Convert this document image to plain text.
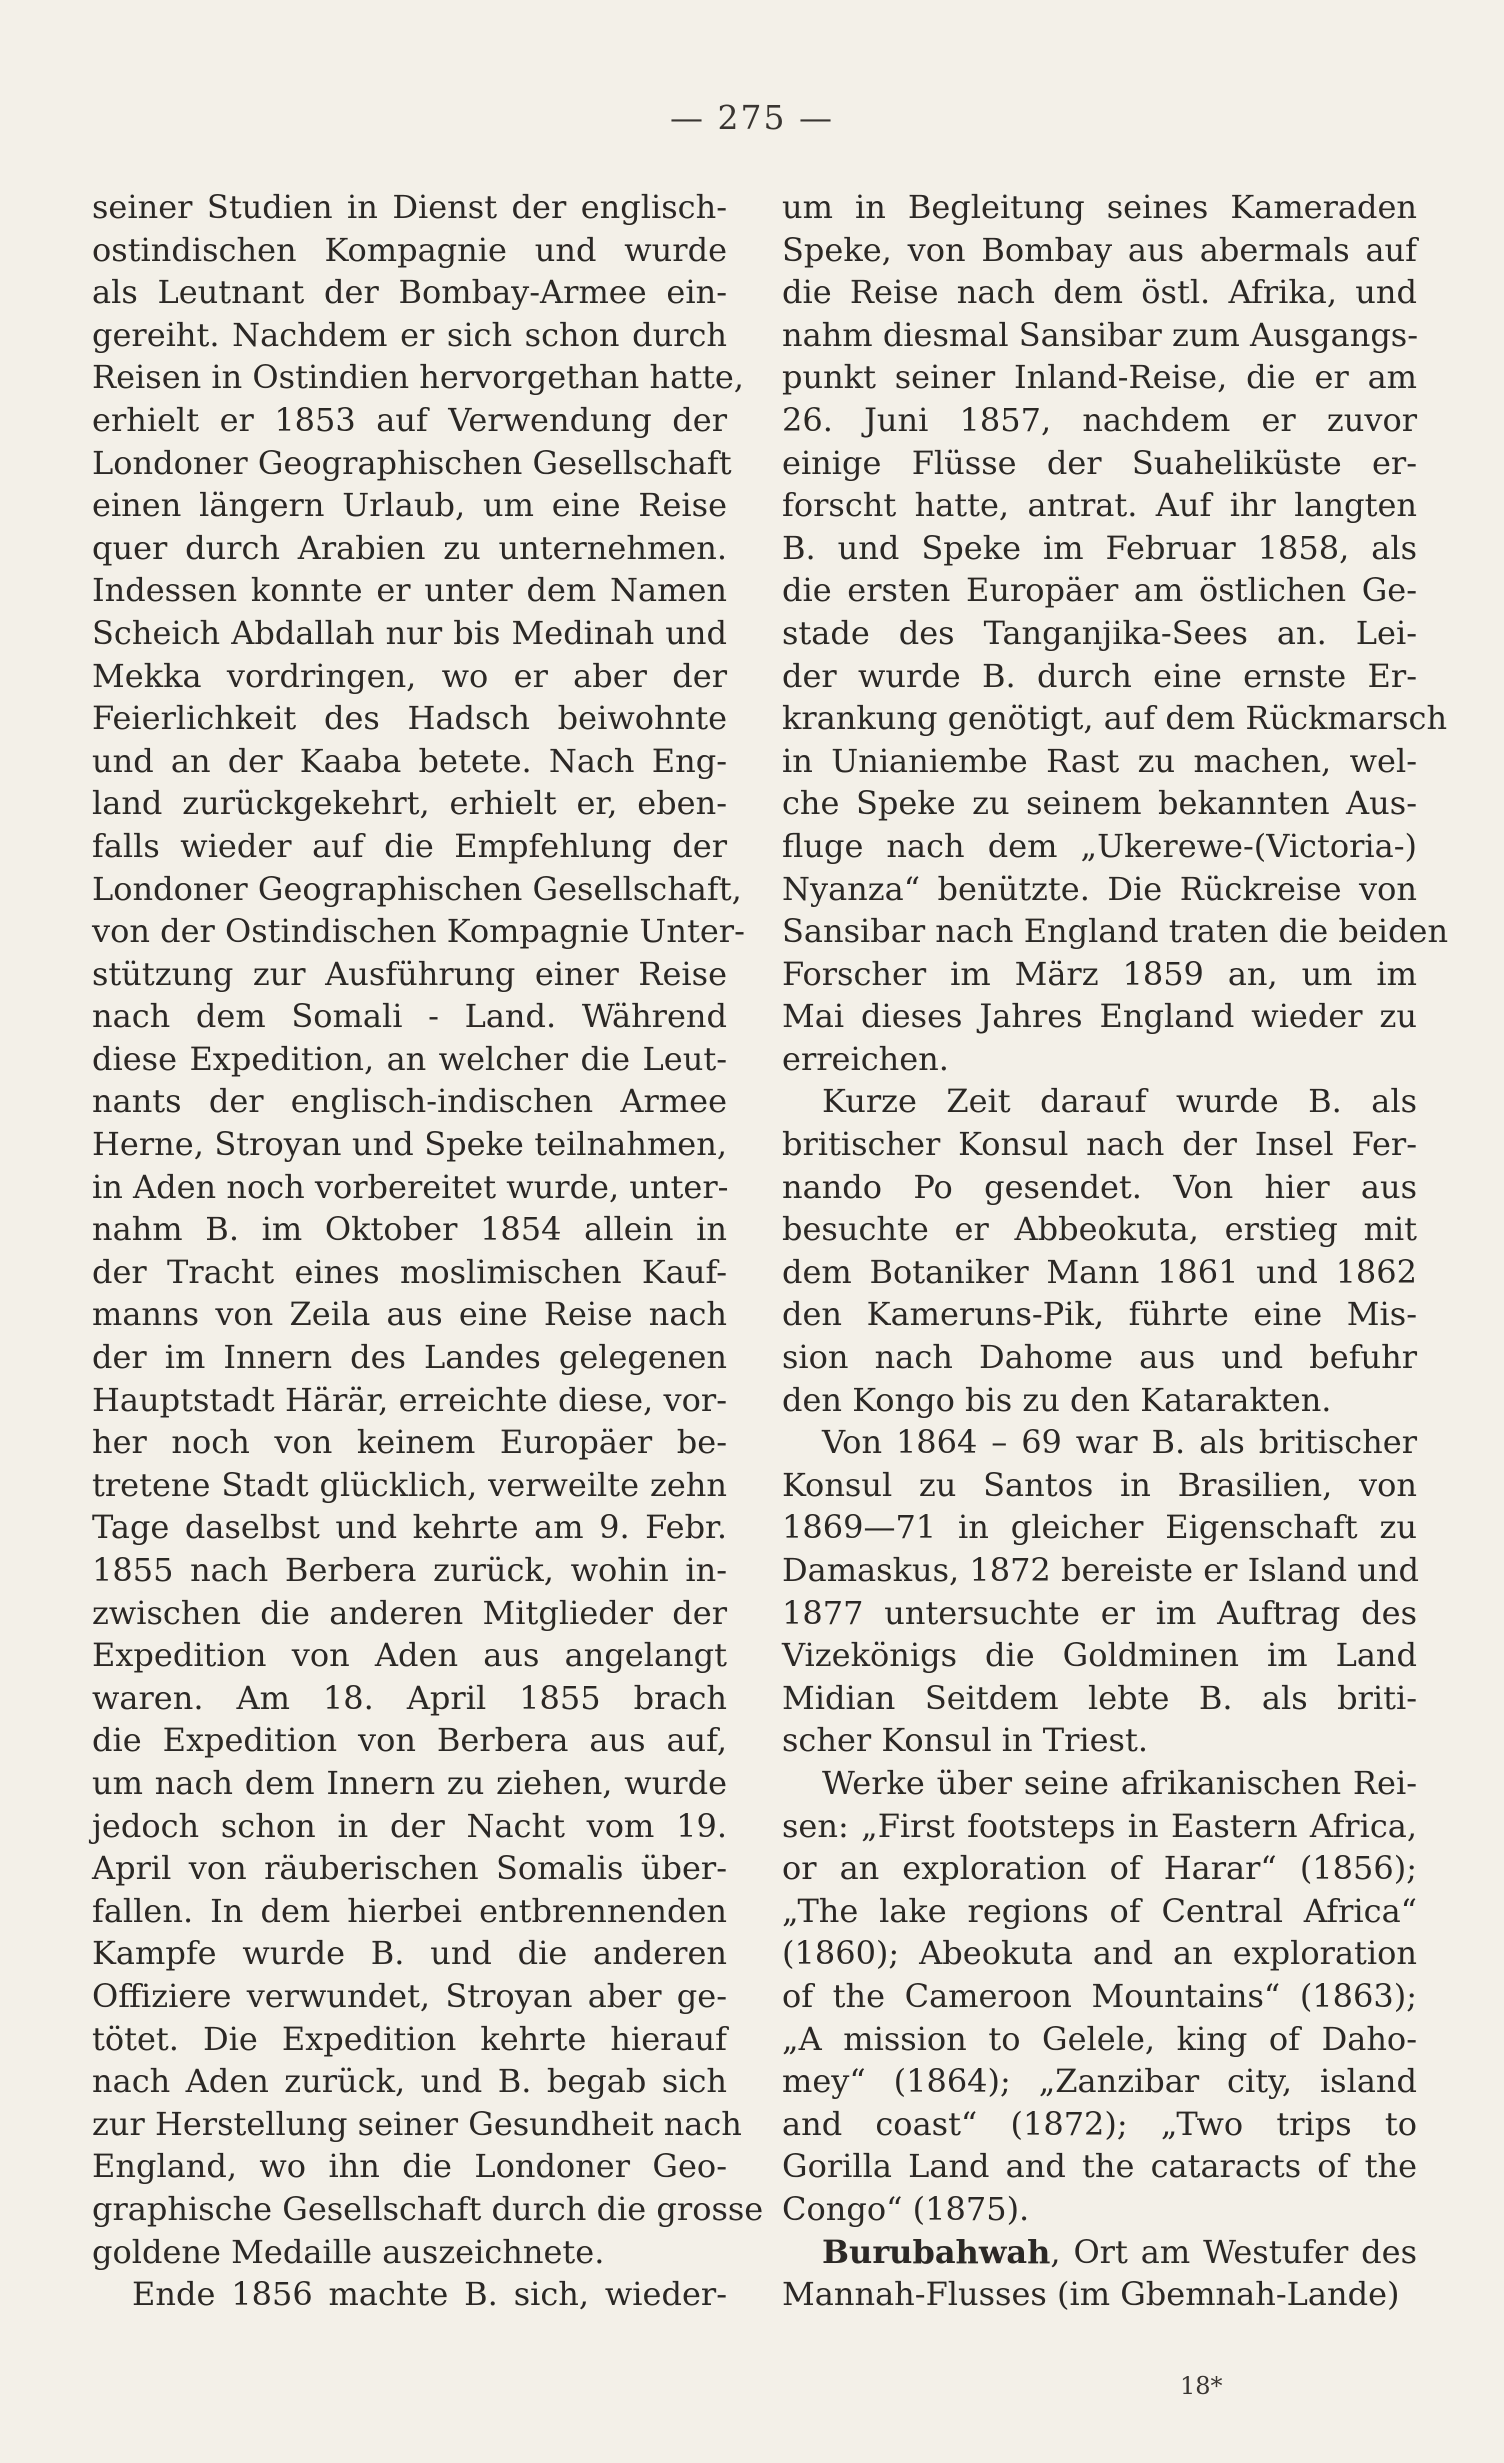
— 275 —
seiner Studien in Dienst der englisch-
ostindischen Kompagnie und wurde
als Leutnant der Bombay-Armee ein-
gereiht. Nachdem er sich schon durch
Reisen in Ostindien hervorgethan hatte,
erhielt er 1853 auf Verwendung der
Londoner Geographischen Gesellschaft
einen längern Urlaub, um eine Reise
quer durch Arabien zu unternehmen.
Indessen konnte er unter dem Namen
Scheich Abdallah nur bis Medinah und
Mekka vordringen, wo er aber der
Feierlichkeit des Hadsch beiwohnte
und an der Kaaba betete. Nach Eng-
land zurückgekehrt, erhielt er, eben-
falls wieder auf die Empfehlung der
Londoner Geographischen Gesellschaft,
von der Ostindischen Kompagnie Unter-
stützung zur Ausführung einer Reise
nach dem Somali - Land. Während
diese Expedition, an welcher die Leut-
nants der englisch-indischen Armee
Herne, Stroyan und Speke teilnahmen,
in Aden noch vorbereitet wurde, unter-
nahm B. im Oktober 1854 allein in
der Tracht eines moslimischen Kauf-
manns von Zeila aus eine Reise nach
der im Innern des Landes gelegenen
Hauptstadt Härär, erreichte diese, vor-
her noch von keinem Europäer be-
tretene Stadt glücklich, verweilte zehn
Tage daselbst und kehrte am 9. Febr.
1855 nach Berbera zurück, wohin in-
zwischen die anderen Mitglieder der
Expedition von Aden aus angelangt
waren. Am 18. April 1855 brach
die Expedition von Berbera aus auf,
um nach dem Innern zu ziehen, wurde
jedoch schon in der Nacht vom 19.
April von räuberischen Somalis über-
fallen. In dem hierbei entbrennenden
Kampfe wurde B. und die anderen
Offiziere verwundet, Stroyan aber ge-
tötet. Die Expedition kehrte hierauf
nach Aden zurück, und B. begab sich
zur Herstellung seiner Gesundheit nach
England, wo ihn die Londoner Geo-
graphische Gesellschaft durch die grosse
goldene Medaille auszeichnete.
Ende 1856 machte B. sich, wieder-
um in Begleitung seines Kameraden
Speke, von Bombay aus abermals auf
die Reise nach dem östl. Afrika, und
nahm diesmal Sansibar zum Ausgangs-
punkt seiner Inland-Reise, die er am
26. Juni 1857, nachdem er zuvor
einige Flüsse der Suaheliküste er-
forscht hatte, antrat. Auf ihr langten
B. und Speke im Februar 1858, als
die ersten Europäer am östlichen Ge-
stade des Tanganjika-Sees an. Lei-
der wurde B. durch eine ernste Er-
krankung genötigt, auf dem Rückmarsch
in Unianiembe Rast zu machen, wel-
che Speke zu seinem bekannten Aus-
fluge nach dem „Ukerewe-(Victoria-)
Nyanza“ benützte. Die Rückreise von
Sansibar nach England traten die beiden
Forscher im März 1859 an, um im
Mai dieses Jahres England wieder zu
erreichen.
Kurze Zeit darauf wurde B. als
britischer Konsul nach der Insel Fer-
nando Po gesendet. Von hier aus
besuchte er Abbeokuta, erstieg mit
dem Botaniker Mann 1861 und 1862
den Kameruns-Pik, führte eine Mis-
sion nach Dahome aus und befuhr
den Kongo bis zu den Katarakten.
Von 1864 – 69 war B. als britischer
Konsul zu Santos in Brasilien, von
1869—71 in gleicher Eigenschaft zu
Damaskus, 1872 bereiste er Island und
1877 untersuchte er im Auftrag des
Vizekönigs die Goldminen im Land
Midian Seitdem lebte B. als briti-
scher Konsul in Triest.
Werke über seine afrikanischen Rei-
sen: „First footsteps in Eastern Africa,
or an exploration of Harar“ (1856);
„The lake regions of Central Africa“
(1860); Abeokuta and an exploration
of the Cameroon Mountains“ (1863);
„A mission to Gelele, king of Daho-
mey“ (1864); „Zanzibar city, island
and coast“ (1872); „Two trips to
Gorilla Land and the cataracts of the
Congo“ (1875).
Burubahwah, Ort am Westufer des
Mannah-Flusses (im Gbemnah-Lande)
18*
